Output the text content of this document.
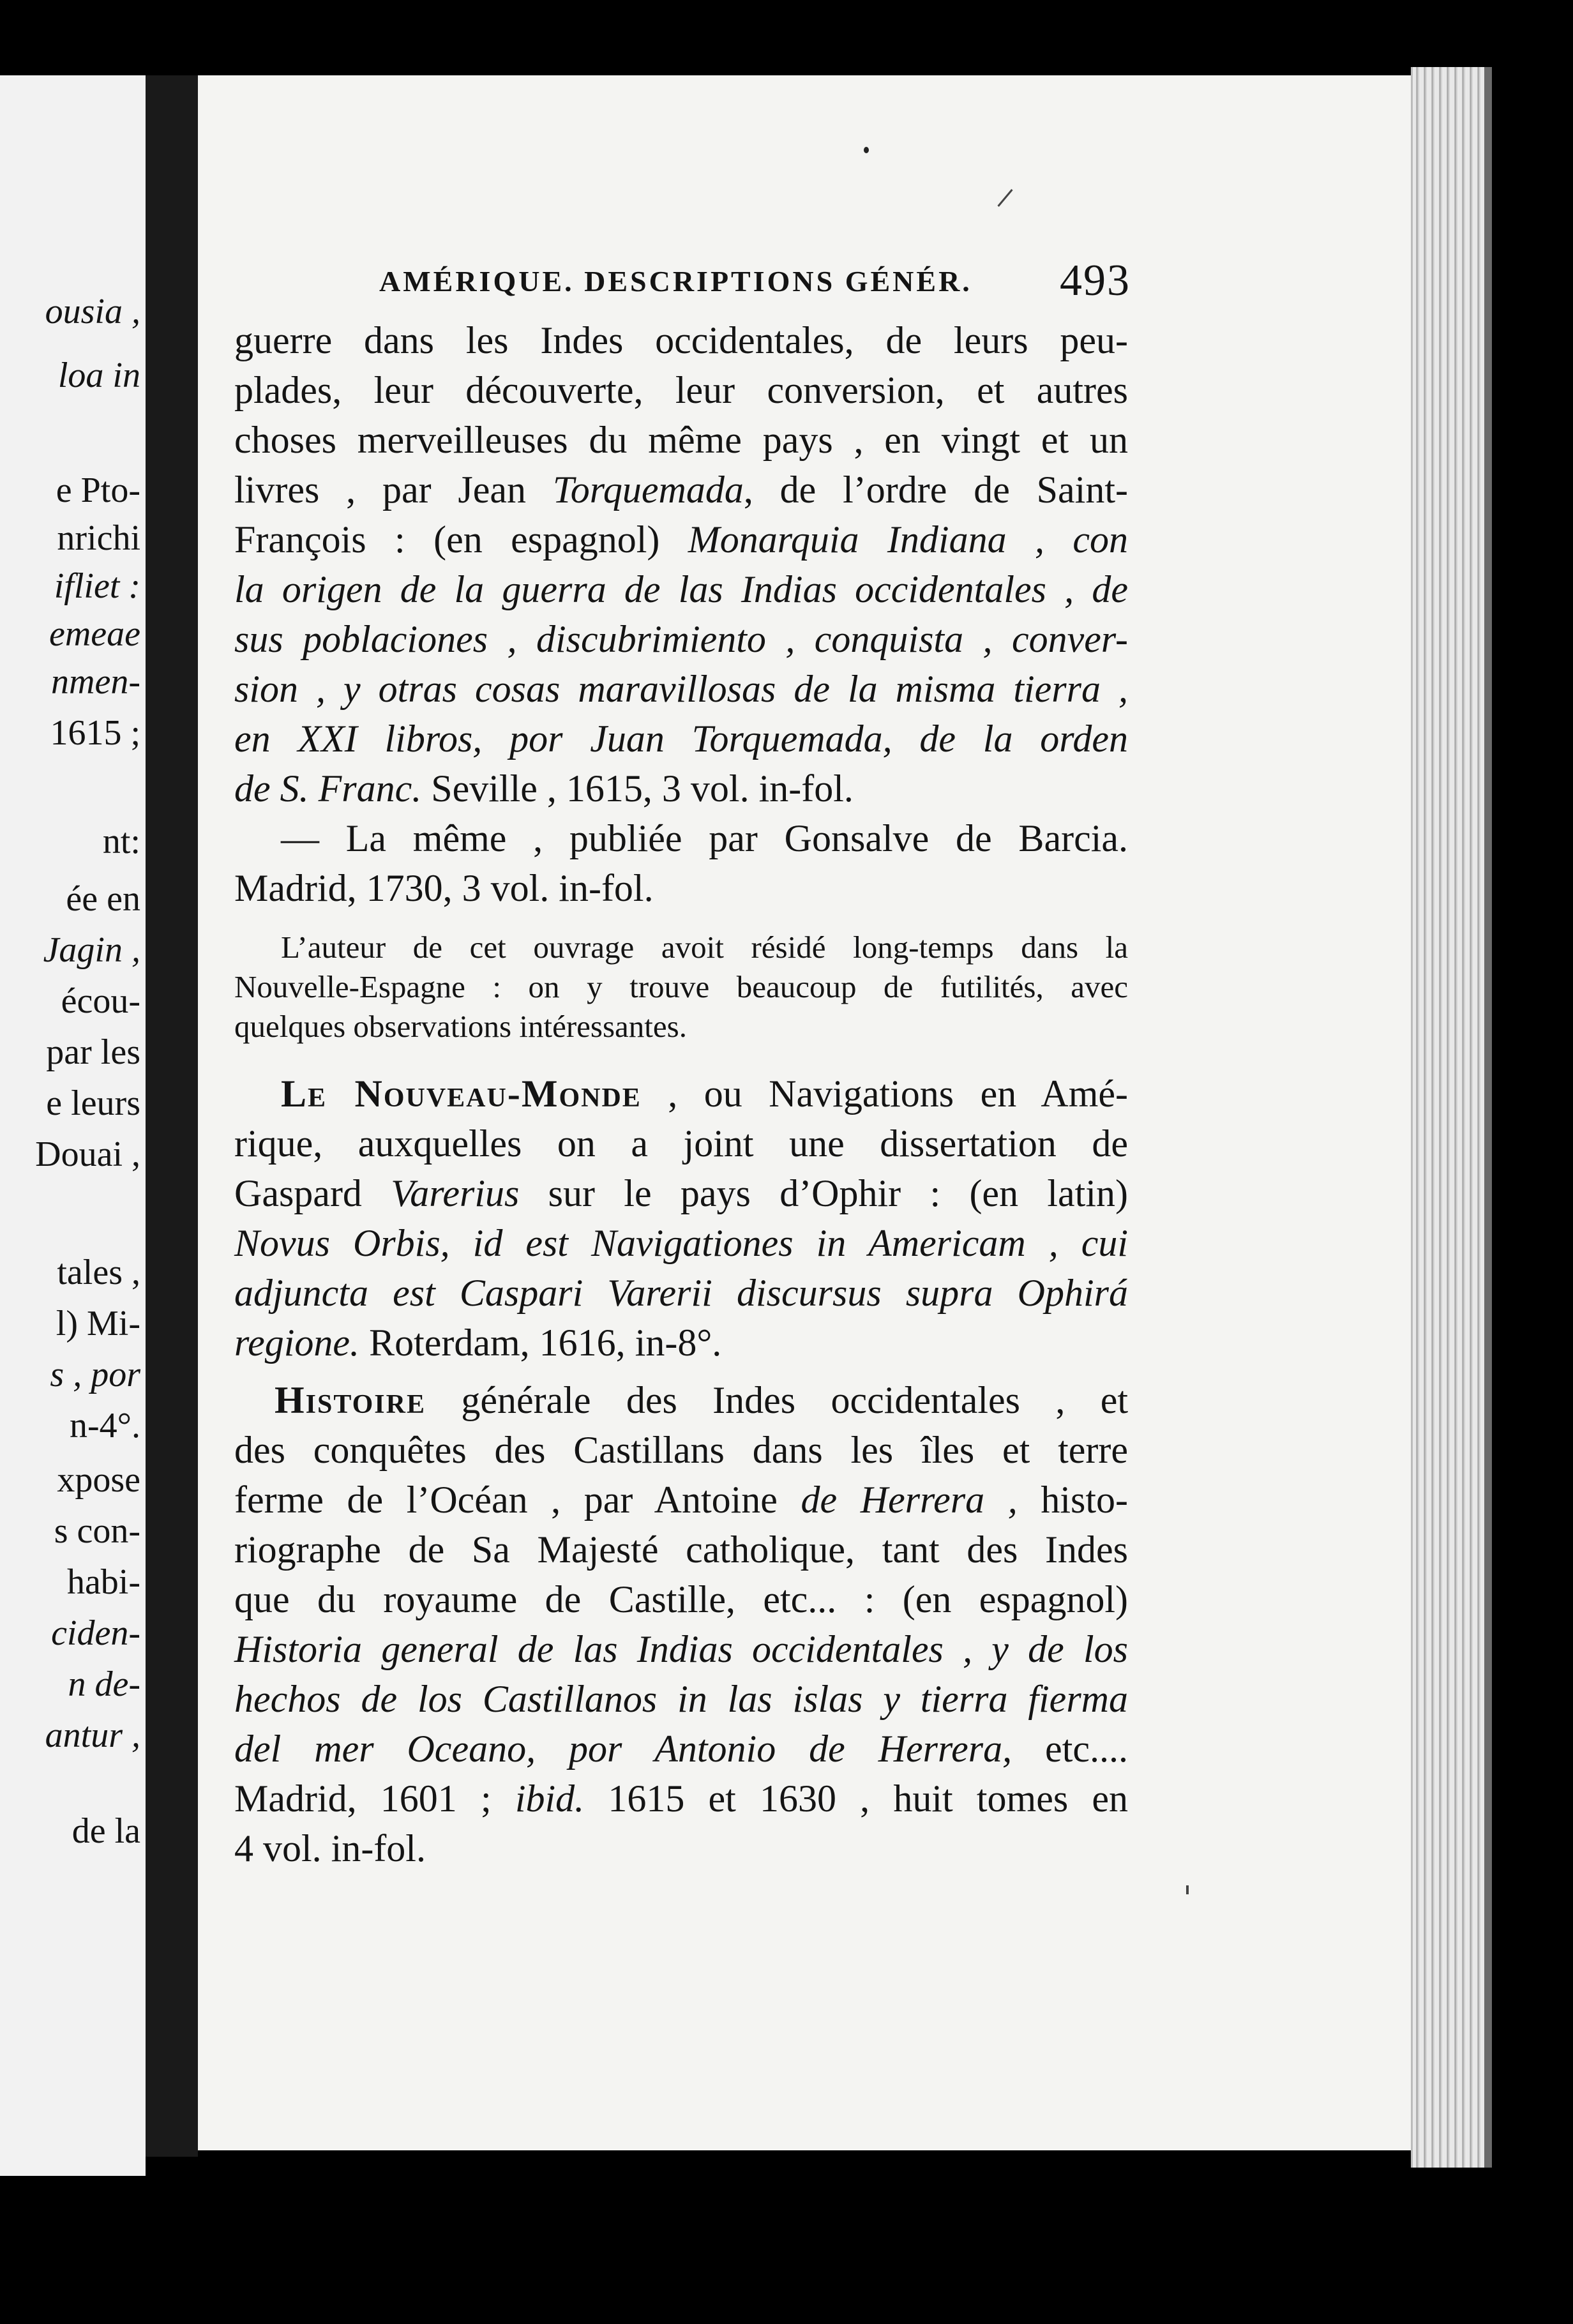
ousia ,
loa in
e Pto-
nrichi
ifliet :
emeae
nmen-
1615 ;
nt:
ée en
Jagin ,
écou-
par les
e leurs
Douai ,
tales ,
l) Mi-
s , por
n-4°.
xpose
s con-
habi-
ciden-
n de-
antur ,
de la
AMÉRIQUE. DESCRIPTIONS GÉNÉR.	493
guerre dans les Indes occidentales, de leurs peu-
plades, leur découverte, leur conversion, et autres
choses merveilleuses du même pays , en vingt et un
livres , par Jean Torquemada, de l’ordre de Saint-
François : (en espagnol) Monarquia Indiana , con
la origen de la guerra de las Indias occidentales , de
sus poblaciones , discubrimiento , conquista , conver-
sion , y otras cosas maravillosas de la misma tierra ,
en XXI libros, por Juan Torquemada, de la orden
de S. Franc. Seville , 1615, 3 vol. in-fol.
— La même , publiée par Gonsalve de Barcia.
Madrid, 1730, 3 vol. in-fol.
L’auteur de cet ouvrage avoit résidé long-temps dans la
Nouvelle-Espagne : on y trouve beaucoup de futilités, avec
quelques observations intéressantes.
Le Nouveau-Monde , ou Navigations en Amé-
rique, auxquelles on a joint une dissertation de
Gaspard Varerius sur le pays d’Ophir : (en latin)
Novus Orbis, id est Navigationes in Americam , cui
adjuncta est Caspari Varerii discursus supra Ophirá
regione. Roterdam, 1616, in-8°.
Histoire générale des Indes occidentales , et
des conquêtes des Castillans dans les îles et terre
ferme de l’Océan , par Antoine de Herrera , histo-
riographe de Sa Majesté catholique, tant des Indes
que du royaume de Castille, etc... : (en espagnol)
Historia general de las Indias occidentales , y de los
hechos de los Castillanos in las islas y tierra fierma
del mer Oceano, por Antonio de Herrera, etc....
Madrid, 1601 ; ibid. 1615 et 1630 , huit tomes en
4 vol. in-fol.
